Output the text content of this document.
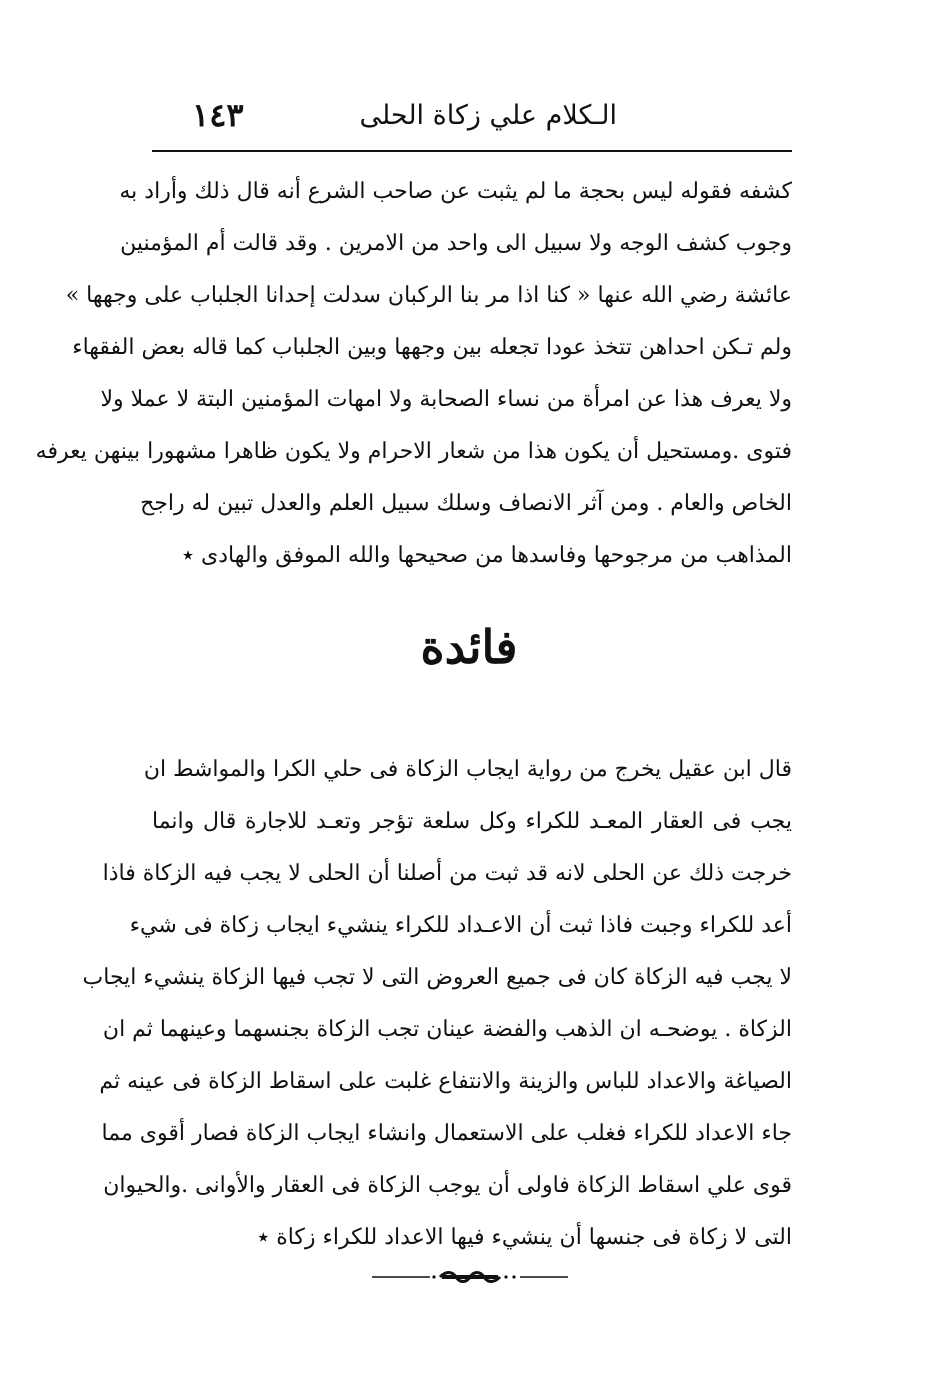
الـكلام علي زكاة الحلى
١٤٣
كشفه فقوله ليس بحجة ما لم يثبت عن صاحب الشرع أنه قال ذلك وأراد به
وجوب كشف الوجه ولا سبيل الى واحد من الامرين . وقد قالت أم المؤمنين
عائشة رضي الله عنها « كنا اذا مر بنا الركبان سدلت إحدانا الجلباب على وجهها »
ولم تـكن احداهن تتخذ عودا تجعله بين وجهها وبين الجلباب كما قاله بعض الفقهاء
ولا يعرف هذا عن امرأة من نساء الصحابة ولا امهات المؤمنين البتة لا عملا ولا
فتوى .ومستحيل أن يكون هذا من شعار الاحرام ولا يكون ظاهرا مشهورا بينهن يعرفه
الخاص والعام . ومن آثر الانصاف وسلك سبيل العلم والعدل تبين له راجح
المذاهب من مرجوحها وفاسدها من صحيحها والله الموفق والهادى ٭
فائدة
قال ابن عقيل يخرج من رواية ايجاب الزكاة فى حلي الكرا والمواشط ان
يجب فى العقار المعـد للكراء وكل سلعة تؤجر وتعـد للاجارة قال وانما
خرجت ذلك عن الحلى لانه قد ثبت من أصلنا أن الحلى لا يجب فيه الزكاة فاذا
أعد للكراء وجبت فاذا ثبت أن الاعـداد للكراء ينشيء ايجاب زكاة فى شيء
لا يجب فيه الزكاة كان فى جميع العروض التى لا تجب فيها الزكاة ينشيء ايجاب
الزكاة . يوضحـه ان الذهب والفضة عينان تجب الزكاة بجنسهما وعينهما ثم ان
الصياغة والاعداد للباس والزينة والانتفاع غلبت على اسقاط الزكاة فى عينه ثم
جاء الاعداد للكراء فغلب على الاستعمال وانشاء ايجاب الزكاة فصار أقوى مما
قوى علي اسقاط الزكاة فاولى أن يوجب الزكاة فى العقار والأوانى .والحيوان
التى لا زكاة فى جنسها أن ينشيء فيها الاعداد للكراء زكاة ٭
